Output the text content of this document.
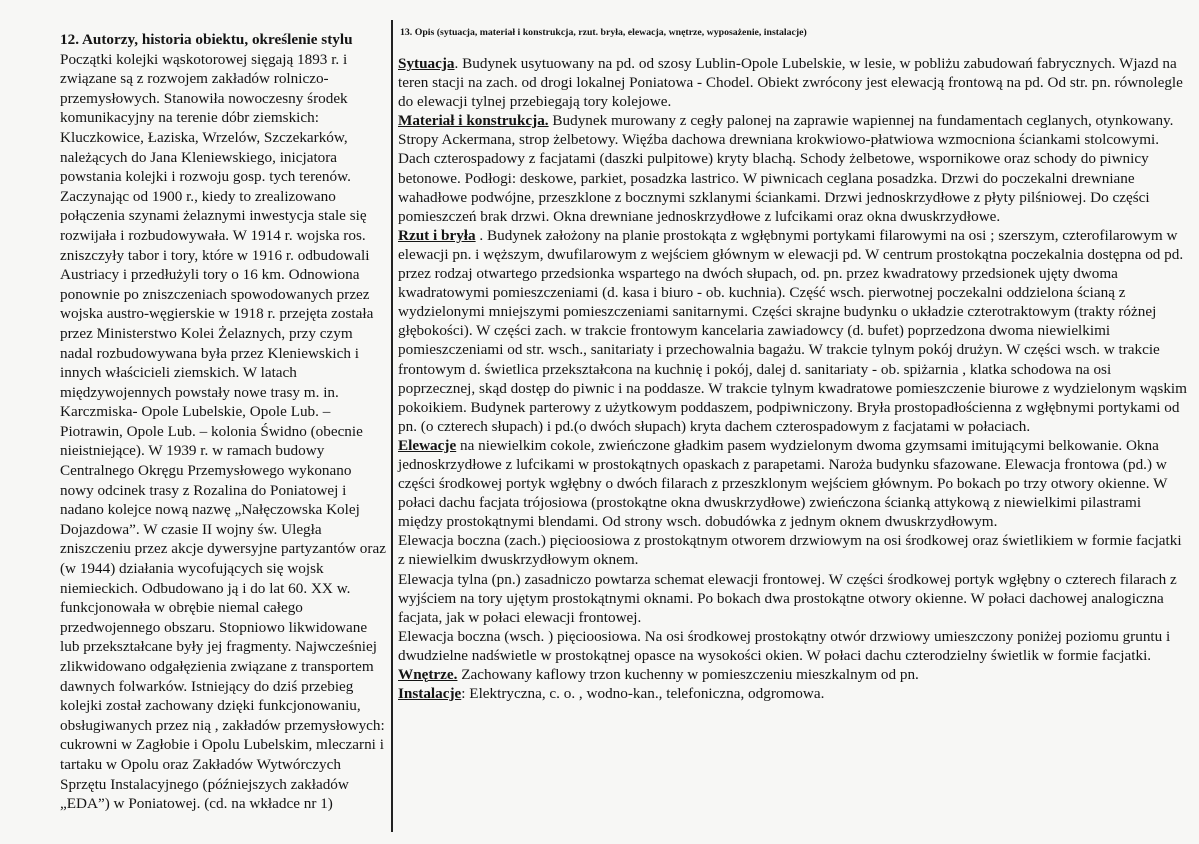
12. Autorzy, historia obiektu, określenie stylu
Początki kolejki wąskotorowej sięgają 1893 r. i związane są z rozwojem zakładów rolniczo-przemysłowych. Stanowiła nowoczesny środek komunikacyjny na terenie dóbr ziemskich: Kluczkowice, Łaziska, Wrzelów, Szczekarków, należących do Jana Kleniewskiego, inicjatora powstania kolejki i rozwoju gosp. tych terenów. Zaczynając od 1900 r., kiedy to zrealizowano połączenia szynami żelaznymi inwestycja stale się rozwijała i rozbudowywała. W 1914 r. wojska ros. zniszczyły tabor i tory, które w 1916 r. odbudowali Austriacy i przedłużyli tory o 16 km. Odnowiona ponownie po zniszczeniach spowodowanych przez wojska austro-węgierskie w 1918 r. przejęta została przez Ministerstwo Kolei Żelaznych, przy czym nadal rozbudowywana była przez Kleniewskich i innych właścicieli ziemskich. W latach międzywojennych powstały nowe trasy m. in. Karczmiska- Opole Lubelskie, Opole Lub. – Piotrawin, Opole Lub. – kolonia Świdno (obecnie nieistniejące). W 1939 r. w ramach budowy Centralnego Okręgu Przemysłowego wykonano nowy odcinek trasy z Rozalina do Poniatowej i nadano kolejce nową nazwę „Nałęczowska Kolej Dojazdowa”. W czasie II wojny św. Uległa zniszczeniu przez akcje dywersyjne partyzantów oraz (w 1944) działania wycofujących się wojsk niemieckich. Odbudowano ją i do lat 60. XX w. funkcjonowała w obrębie niemal całego przedwojennego obszaru. Stopniowo likwidowane lub przekształcane były jej fragmenty. Najwcześniej zlikwidowano odgałęzienia związane z transportem dawnych folwarków. Istniejący do dziś przebieg kolejki został zachowany dzięki funkcjonowaniu, obsługiwanych przez nią , zakładów przemysłowych: cukrowni w Zagłobie i Opolu Lubelskim, mleczarni i tartaku w Opolu oraz Zakładów Wytwórczych Sprzętu Instalacyjnego (późniejszych zakładów „EDA”) w Poniatowej. (cd. na wkładce nr 1)
13. Opis (sytuacja, materiał i konstrukcja, rzut. bryła, elewacja, wnętrze, wyposażenie, instalacje)
Sytuacja. Budynek usytuowany na pd. od szosy Lublin-Opole Lubelskie, w lesie, w pobliżu zabudowań fabrycznych. Wjazd na teren stacji na zach. od drogi lokalnej Poniatowa - Chodel. Obiekt zwrócony jest elewacją frontową na pd. Od str. pn. równolegle do elewacji tylnej przebiegają tory kolejowe.
Materiał i konstrukcja. Budynek murowany z cegły palonej na zaprawie wapiennej na fundamentach ceglanych, otynkowany. Stropy Ackermana, strop żelbetowy. Więźba dachowa drewniana krokwiowo-płatwiowa wzmocniona ściankami stolcowymi. Dach czterospadowy z facjatami (daszki pulpitowe) kryty blachą. Schody żelbetowe, wspornikowe oraz schody do piwnicy betonowe. Podłogi: deskowe, parkiet, posadzka lastrico. W piwnicach ceglana posadzka. Drzwi do poczekalni drewniane wahadłowe podwójne, przeszklone z bocznymi szklanymi ściankami. Drzwi jednoskrzydłowe z płyty pilśniowej. Do części pomieszczeń brak drzwi. Okna drewniane jednoskrzydłowe z lufcikami oraz okna dwuskrzydłowe.
Rzut i bryła . Budynek założony na planie prostokąta z wgłębnymi portykami filarowymi na osi ; szerszym, czterofilarowym w elewacji pn. i węższym, dwufilarowym z wejściem głównym w elewacji pd. W centrum prostokątna poczekalnia dostępna od pd. przez rodzaj otwartego przedsionka wspartego na dwóch słupach, od. pn. przez kwadratowy przedsionek ujęty dwoma kwadratowymi pomieszczeniami (d. kasa i biuro - ob. kuchnia). Część wsch. pierwotnej poczekalni oddzielona ścianą z wydzielonymi mniejszymi pomieszczeniami sanitarnymi. Części skrajne budynku o układzie czterotraktowym (trakty różnej głębokości). W części zach. w trakcie frontowym kancelaria zawiadowcy (d. bufet) poprzedzona dwoma niewielkimi pomieszczeniami od str. wsch., sanitariaty i przechowalnia bagażu. W trakcie tylnym pokój drużyn. W części wsch. w trakcie frontowym d. świetlica przekształcona na kuchnię i pokój, dalej d. sanitariaty - ob. spiżarnia , klatka schodowa na osi poprzecznej, skąd dostęp do piwnic i na poddasze. W trakcie tylnym kwadratowe pomieszczenie biurowe z wydzielonym wąskim pokoikiem. Budynek parterowy z użytkowym poddaszem, podpiwniczony. Bryła prostopadłościenna z wgłębnymi portykami od pn. (o czterech słupach) i pd.(o dwóch słupach) kryta dachem czterospadowym z facjatami w połaciach.
Elewacje na niewielkim cokole, zwieńczone gładkim pasem wydzielonym dwoma gzymsami imitującymi belkowanie. Okna jednoskrzydłowe z lufcikami w prostokątnych opaskach z parapetami. Naroża budynku sfazowane. Elewacja frontowa (pd.) w części środkowej portyk wgłębny o dwóch filarach z przeszklonym wejściem głównym. Po bokach po trzy otwory okienne. W połaci dachu facjata trójosiowa (prostokątne okna dwuskrzydłowe) zwieńczona ścianką attykową z niewielkimi pilastrami między prostokątnymi blendami. Od strony wsch. dobudówka z jednym oknem dwuskrzydłowym.
Elewacja boczna (zach.) pięcioosiowa z prostokątnym otworem drzwiowym na osi środkowej oraz świetlikiem w formie facjatki z niewielkim dwuskrzydłowym oknem.
Elewacja tylna (pn.) zasadniczo powtarza schemat elewacji frontowej. W części środkowej portyk wgłębny o czterech filarach z wyjściem na tory ujętym prostokątnymi oknami. Po bokach dwa prostokątne otwory okienne. W połaci dachowej analogiczna facjata, jak w połaci elewacji frontowej.
Elewacja boczna (wsch. ) pięcioosiowa. Na osi środkowej prostokątny otwór drzwiowy umieszczony poniżej poziomu gruntu i dwudzielne nadświetle w prostokątnej opasce na wysokości okien. W połaci dachu czterodzielny świetlik w formie facjatki.
Wnętrze. Zachowany kaflowy trzon kuchenny w pomieszczeniu mieszkalnym od pn.
Instalacje: Elektryczna, c. o. , wodno-kan., telefoniczna, odgromowa.
